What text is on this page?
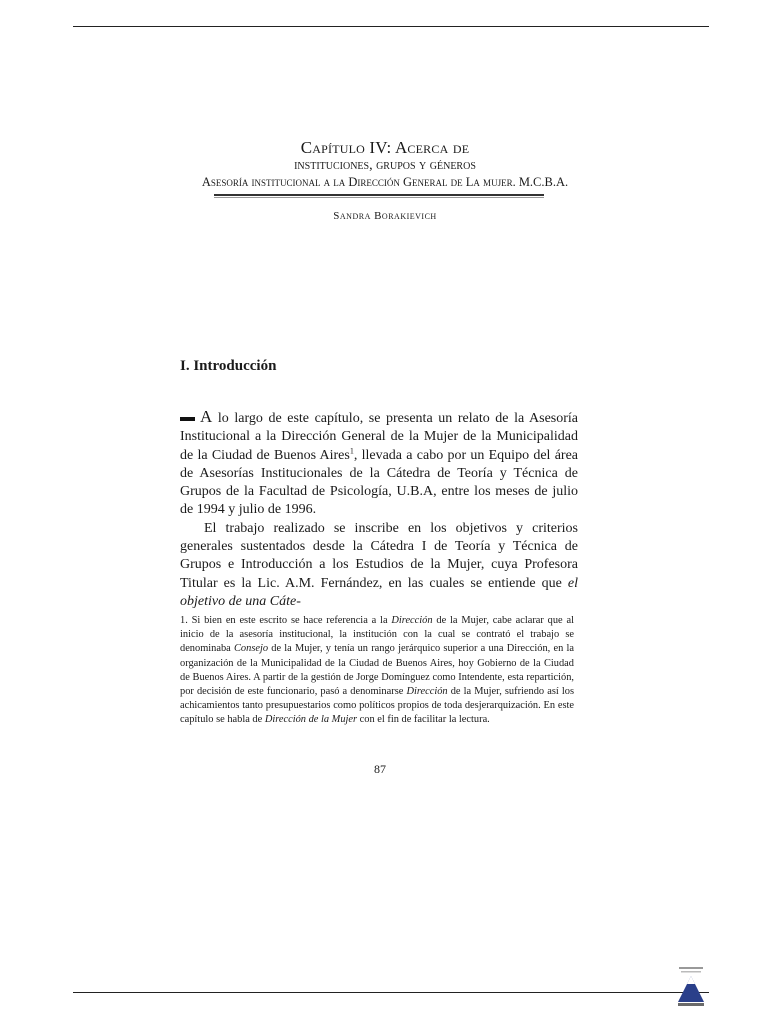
Capítulo IV: Acerca de
instituciones, grupos y géneros
Asesoría institucional a la Dirección General de La mujer. M.C.B.A.
Sandra Borakievich
I. Introducción

A lo largo de este capítulo, se presenta un relato de la Asesoría Institucional a la Dirección General de la Mujer de la Municipalidad de la Ciudad de Buenos Aires$^1$, llevada a cabo por un Equipo del área de Asesorías Institucionales de la Cátedra de Teoría y Técnica de Grupos de la Facultad de Psicología, U.B.A, entre los meses de julio de 1994 y julio de 1996.

El trabajo realizado se inscribe en los objetivos y criterios generales sustentados desde la Cátedra I de Teoría y Técnica de Grupos e Introducción a los Estudios de la Mujer, cuya Profesora Titular es la Lic. A.M. Fernández, en las cuales se entiende que el objetivo de una Cáte-

1. Si bien en este escrito se hace referencia a la Dirección de la Mujer, cabe aclarar que al inicio de la asesoría institucional, la institución con la cual se contrató el trabajo se denominaba Consejo de la Mujer, y tenía un rango jerárquico superior a una Dirección, en la organización de la Municipalidad de la Ciudad de Buenos Aires, hoy Gobierno de la Ciudad de Buenos Aires. A partir de la gestión de Jorge Domínguez como Intendente, esta repartición, por decisión de este funcionario, pasó a denominarse Dirección de la Mujer, sufriendo así los achicamientos tanto presupuestarios como políticos propios de toda desjerarquización. En este capítulo se habla de Dirección de la Mujer con el fin de facilitar la lectura.

87
